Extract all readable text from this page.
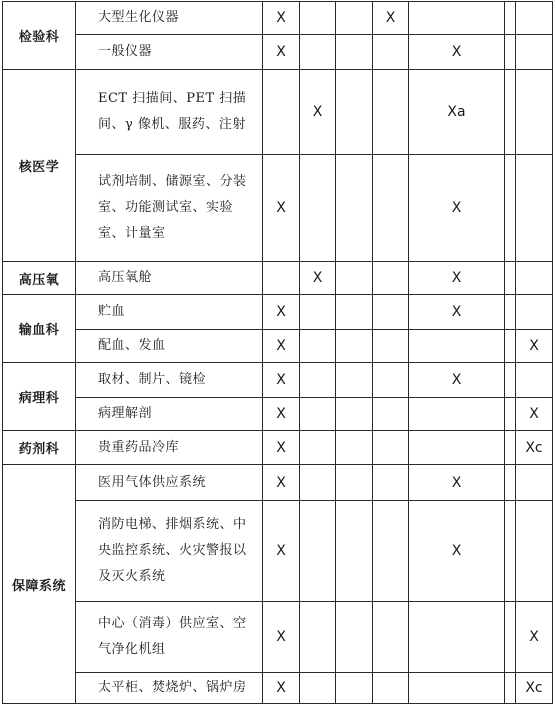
检验科	大型生化仪器	X			X			
	一般仪器	X				X		
核医学	ECT 扫描间、PET 扫描间、γ 像机、服药、注射		X			Xa		
	试剂培制、储源室、分装室、功能测试室、实验室、计量室	X				X		
高压氧	高压氧舱		X			X		
输血科	贮血	X				X		
	配血、发血	X						X
病理科	取材、制片、镜检	X				X		
	病理解剖	X						X
药剂科	贵重药品冷库	X						Xc
保障系统	医用气体供应系统	X				X		
	消防电梯、排烟系统、中央监控系统、火灾警报以及灭火系统	X				X		
	中心（消毒）供应室、空气净化机组	X						X
	太平柜、焚烧炉、锅炉房	X						Xc
